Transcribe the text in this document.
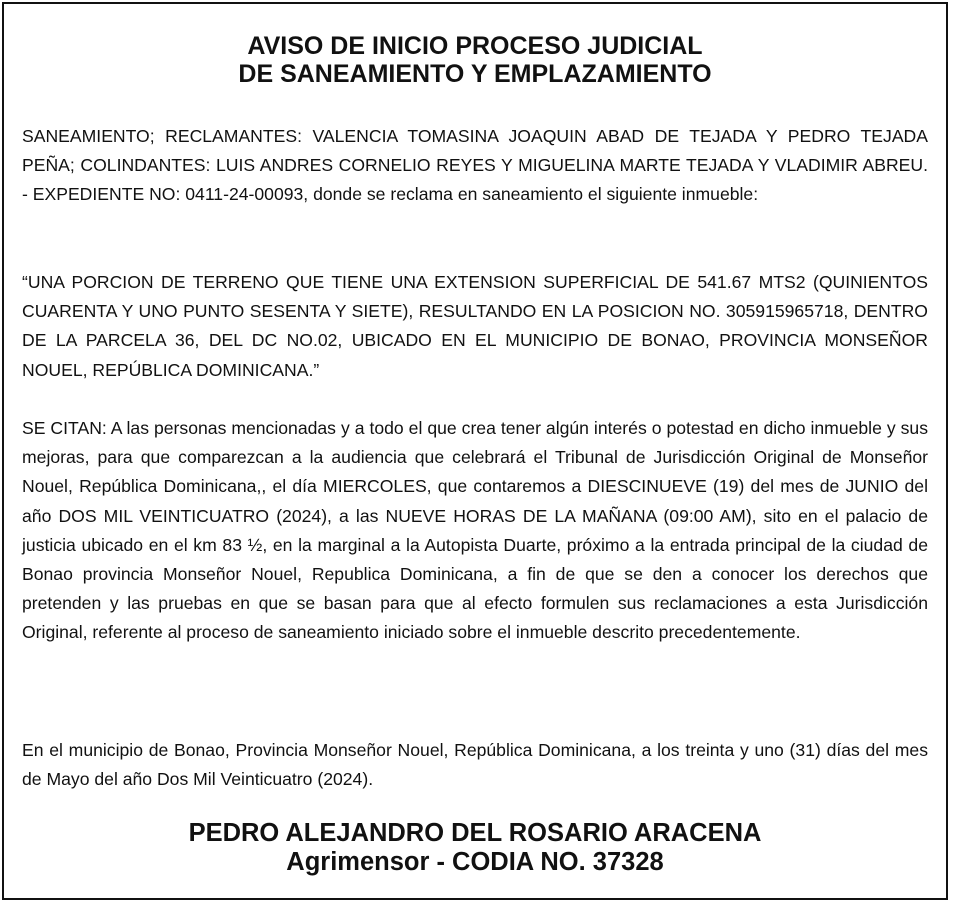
AVISO DE INICIO PROCESO JUDICIAL
DE SANEAMIENTO Y EMPLAZAMIENTO

SANEAMIENTO; RECLAMANTES: VALENCIA TOMASINA JOAQUIN ABAD DE TEJADA Y PEDRO TEJADA PEÑA; COLINDANTES: LUIS ANDRES CORNELIO REYES Y MIGUELINA MARTE TEJADA Y VLADIMIR ABREU. - EXPEDIENTE NO: 0411-24-00093, donde se reclama en saneamiento el siguiente inmueble:

“UNA PORCION DE TERRENO QUE TIENE UNA EXTENSION SUPERFICIAL DE 541.67 MTS2 (QUINIENTOS CUARENTA Y UNO PUNTO SESENTA Y SIETE), RESULTANDO EN LA POSICION NO. 305915965718, DENTRO DE LA PARCELA 36, DEL DC NO.02, UBICADO EN EL MUNICIPIO DE BONAO, PROVINCIA MONSEÑOR NOUEL, REPÚBLICA DOMINICANA.”

SE CITAN: A las personas mencionadas y a todo el que crea tener algún interés o potestad en dicho inmueble y sus mejoras, para que comparezcan a la audiencia que celebrará el Tribunal de Jurisdicción Original de Monseñor Nouel, República Dominicana,, el día MIERCOLES, que contaremos a DIESCINUEVE (19) del mes de JUNIO del año DOS MIL VEINTICUATRO (2024), a las NUEVE HORAS DE LA MAÑANA (09:00 AM), sito en el palacio de justicia ubicado en el km 83 ½, en la marginal a la Autopista Duarte, próximo a la entrada principal de la ciudad de Bonao provincia Monseñor Nouel, Republica Dominicana, a fin de que se den a conocer los derechos que pretenden y las pruebas en que se basan para que al efecto formulen sus reclamaciones a esta Jurisdicción Original, referente al proceso de saneamiento iniciado sobre el inmueble descrito precedentemente.

En el municipio de Bonao, Provincia Monseñor Nouel, República Dominicana, a los treinta y uno (31) días del mes de Mayo del año Dos Mil Veinticuatro (2024).

PEDRO ALEJANDRO DEL ROSARIO ARACENA
Agrimensor - CODIA NO. 37328
